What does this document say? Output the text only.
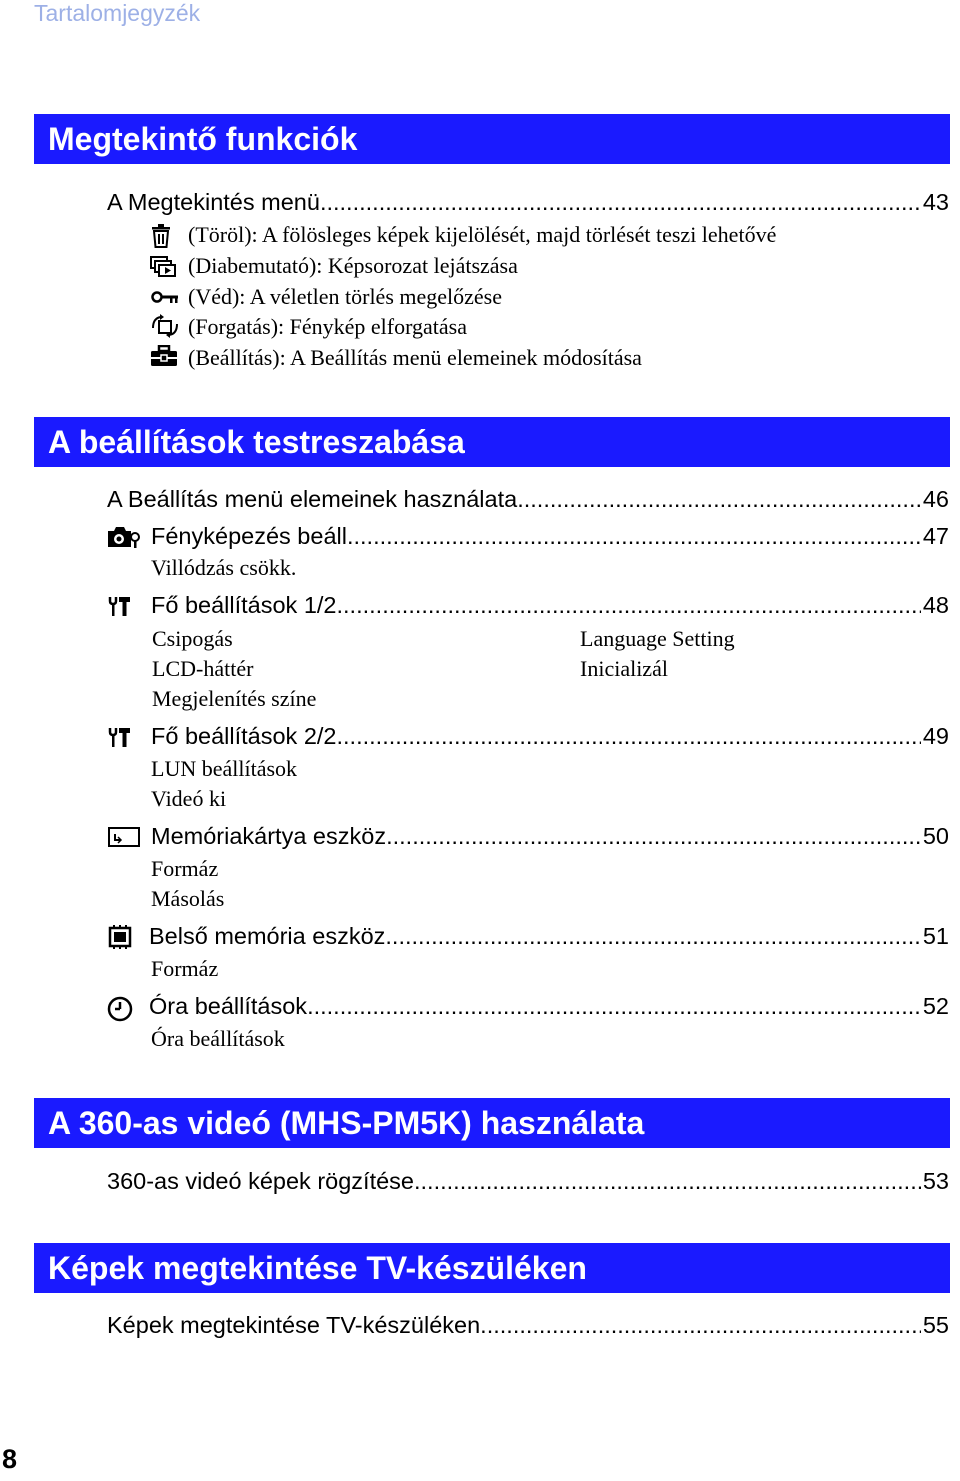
Tartalomjegyzék
Megtekintő funkciók
A Megtekintés menü .....	43
(Töröl): A fölösleges képek kijelölését, majd törlését teszi lehetővé
(Diabemutató): Képsorozat lejátszása
(Véd): A véletlen törlés megelőzése
(Forgatás): Fénykép elforgatása
(Beállítás): A Beállítás menü elemeinek módosítása
A beállítások testreszabása
A Beállítás menü elemeinek használata .....	46
Fényképezés beáll. .....	47
Villódzás csökk.
Fő beállítások 1/2 .....	48
Csipogás
LCD-háttér
Megjelenítés színe
Language Setting
Inicializál
Fő beállítások 2/2 .....	49
LUN beállítások
Videó ki
Memóriakártya eszköz .....	50
Formáz
Másolás
Belső memória eszköz .....	51
Formáz
Óra beállítások .....	52
Óra beállítások
A 360-as videó (MHS-PM5K) használata
360-as videó képek rögzítése .....	53
Képek megtekintése TV-készüléken
Képek megtekintése TV-készüléken .....	55
8
